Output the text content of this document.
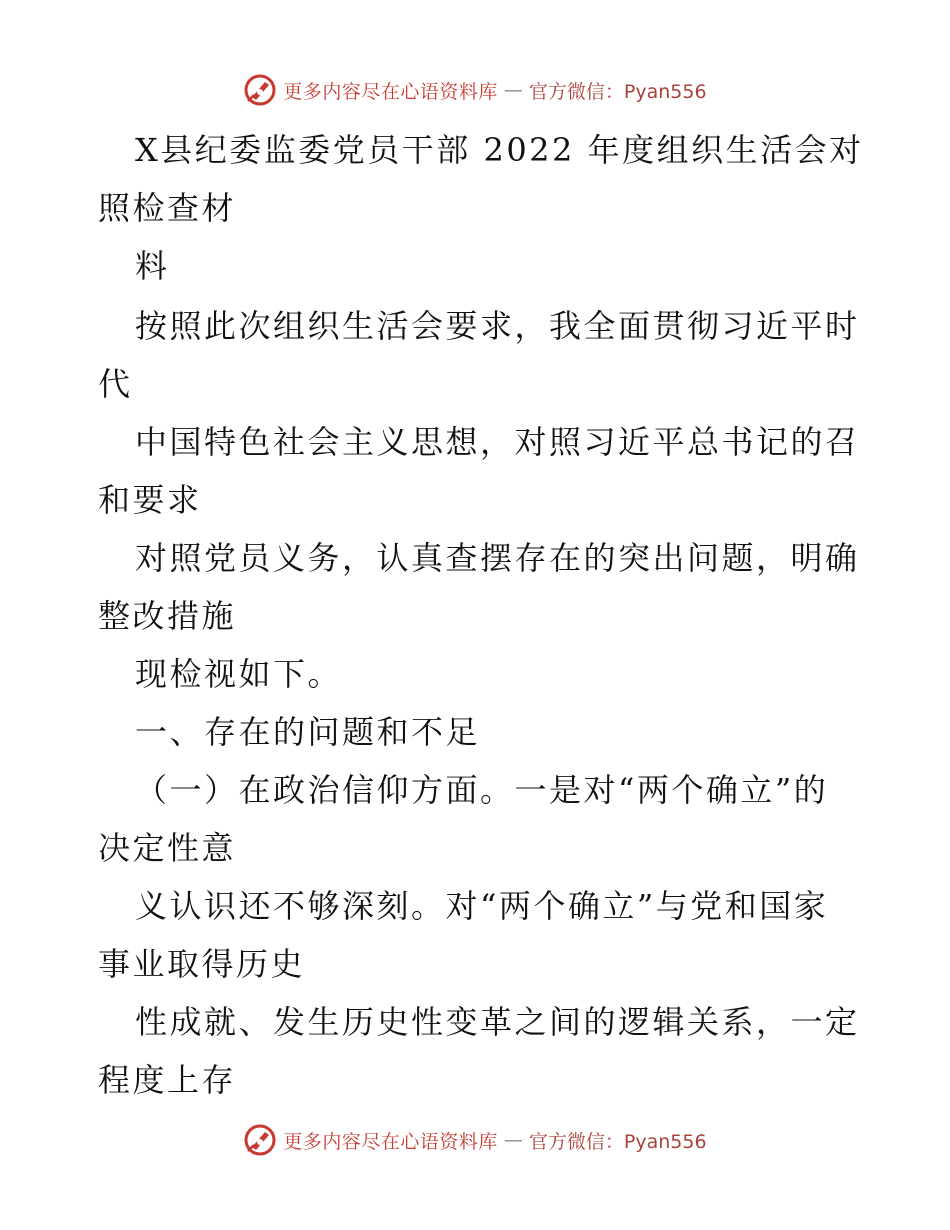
更多内容尽在心语资料库 — 官方微信：Pyan556
X县纪委监委党员干部 2022 年度组织生活会对
照检查材
料
按照此次组织生活会要求，我全面贯彻习近平时
代
中国特色社会主义思想，对照习近平总书记的召
和要求
对照党员义务，认真查摆存在的突出问题，明确
整改措施
现检视如下。
一、存在的问题和不足
（一）在政治信仰方面。一是对“两个确立”的
决定性意
义认识还不够深刻。对“两个确立”与党和国家
事业取得历史
性成就、发生历史性变革之间的逻辑关系，一定
程度上存
更多内容尽在心语资料库 — 官方微信：Pyan556
